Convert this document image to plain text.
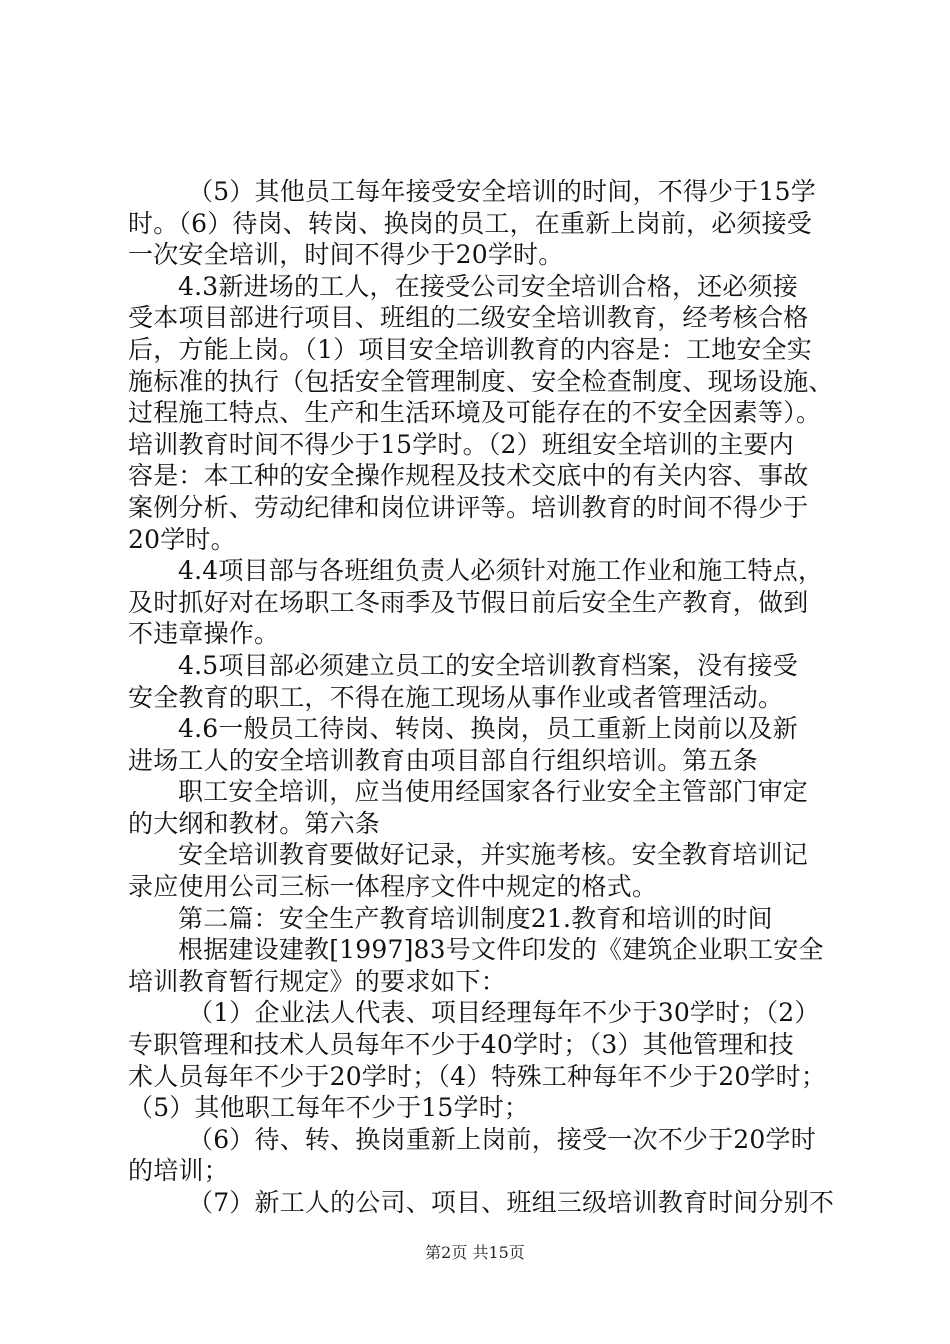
（5）其他员工每年接受安全培训的时间，不得少于15学
时。（6）待岗、转岗、换岗的员工，在重新上岗前，必须接受
一次安全培训，时间不得少于20学时。
4.3新进场的工人，在接受公司安全培训合格，还必须接
受本项目部进行项目、班组的二级安全培训教育，经考核合格
后，方能上岗。（1）项目安全培训教育的内容是：工地安全实
施标准的执行（包括安全管理制度、安全检查制度、现场设施、
过程施工特点、生产和生活环境及可能存在的不安全因素等）。
培训教育时间不得少于15学时。（2）班组安全培训的主要内
容是：本工种的安全操作规程及技术交底中的有关内容、事故
案例分析、劳动纪律和岗位讲评等。培训教育的时间不得少于
20学时。
4.4项目部与各班组负责人必须针对施工作业和施工特点，
及时抓好对在场职工冬雨季及节假日前后安全生产教育，做到
不违章操作。
4.5项目部必须建立员工的安全培训教育档案，没有接受
安全教育的职工，不得在施工现场从事作业或者管理活动。
4.6一般员工待岗、转岗、换岗，员工重新上岗前以及新
进场工人的安全培训教育由项目部自行组织培训。第五条
职工安全培训，应当使用经国家各行业安全主管部门审定
的大纲和教材。第六条
安全培训教育要做好记录，并实施考核。安全教育培训记
录应使用公司三标一体程序文件中规定的格式。
第二篇：安全生产教育培训制度21.教育和培训的时间
根据建设建教[1997]83号文件印发的《建筑企业职工安全
培训教育暂行规定》的要求如下：
（1）企业法人代表、项目经理每年不少于30学时；（2）
专职管理和技术人员每年不少于40学时；（3）其他管理和技
术人员每年不少于20学时；（4）特殊工种每年不少于20学时；
（5）其他职工每年不少于15学时；
（6）待、转、换岗重新上岗前，接受一次不少于20学时
的培训；
（7）新工人的公司、项目、班组三级培训教育时间分别不
第2页 共15页
